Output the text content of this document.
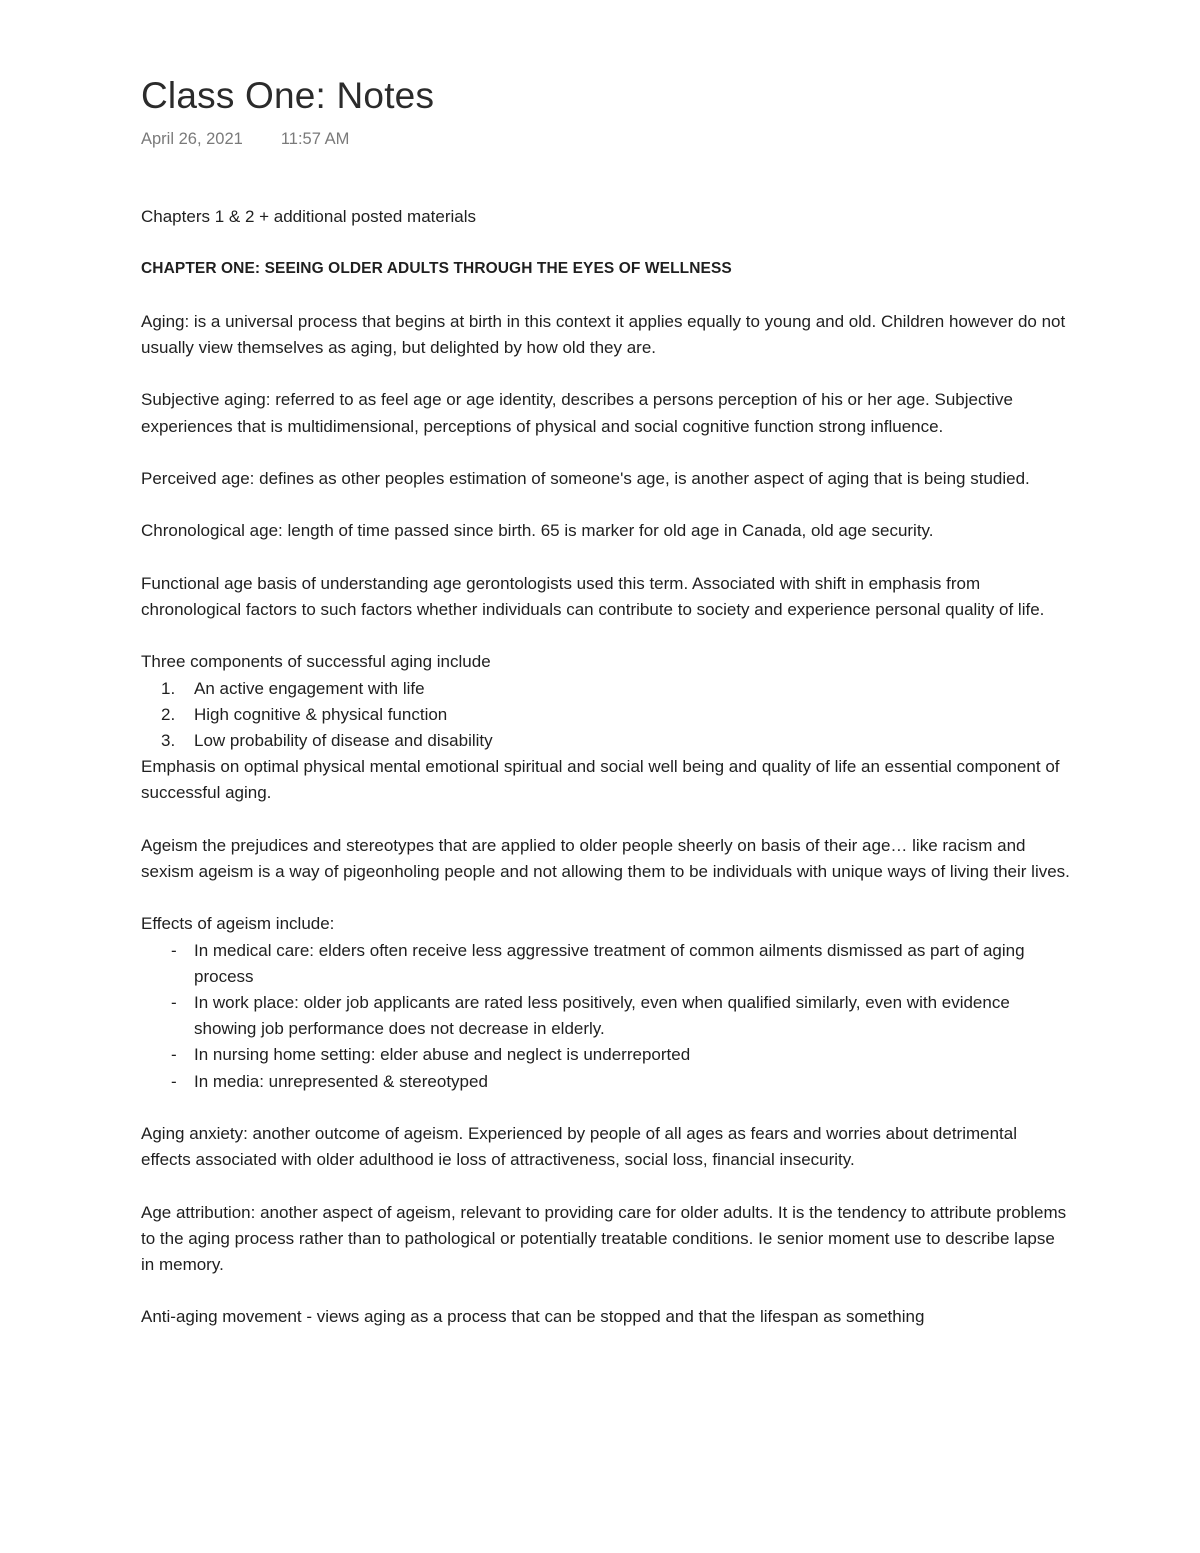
Class One: Notes
April 26, 2021 11:57 AM

Chapters 1 & 2 + additional posted materials

CHAPTER ONE: SEEING OLDER ADULTS THROUGH THE EYES OF WELLNESS

Aging: is a universal process that begins at birth in this context it applies equally to young and old. Children however do not usually view themselves as aging, but delighted by how old they are.

Subjective aging: referred to as feel age or age identity, describes a persons perception of his or her age. Subjective experiences that is multidimensional, perceptions of physical and social cognitive function strong influence.

Perceived age: defines as other peoples estimation of someone's age, is another aspect of aging that is being studied.

Chronological age: length of time passed since birth. 65 is marker for old age in Canada, old age security.

Functional age basis of understanding age gerontologists used this term. Associated with shift in emphasis from chronological factors to such factors whether individuals can contribute to society and experience personal quality of life.

Three components of successful aging include

1. An active engagement with life
2. High cognitive & physical function
3. Low probability of disease and disability

Emphasis on optimal physical mental emotional spiritual and social well being and quality of life an essential component of successful aging.

Ageism the prejudices and stereotypes that are applied to older people sheerly on basis of their age… like racism and sexism ageism is a way of pigeonholing people and not allowing them to be individuals with unique ways of living their lives.

Effects of ageism include:

- In medical care: elders often receive less aggressive treatment of common ailments dismissed as part of aging process
- In work place: older job applicants are rated less positively, even when qualified similarly, even with evidence showing job performance does not decrease in elderly.
- In nursing home setting: elder abuse and neglect is underreported
- In media: unrepresented & stereotyped

Aging anxiety: another outcome of ageism. Experienced by people of all ages as fears and worries about detrimental effects associated with older adulthood ie loss of attractiveness, social loss, financial insecurity.

Age attribution: another aspect of ageism, relevant to providing care for older adults. It is the tendency to attribute problems to the aging process rather than to pathological or potentially treatable conditions. Ie senior moment use to describe lapse in memory.

Anti-aging movement - views aging as a process that can be stopped and that the lifespan as something
